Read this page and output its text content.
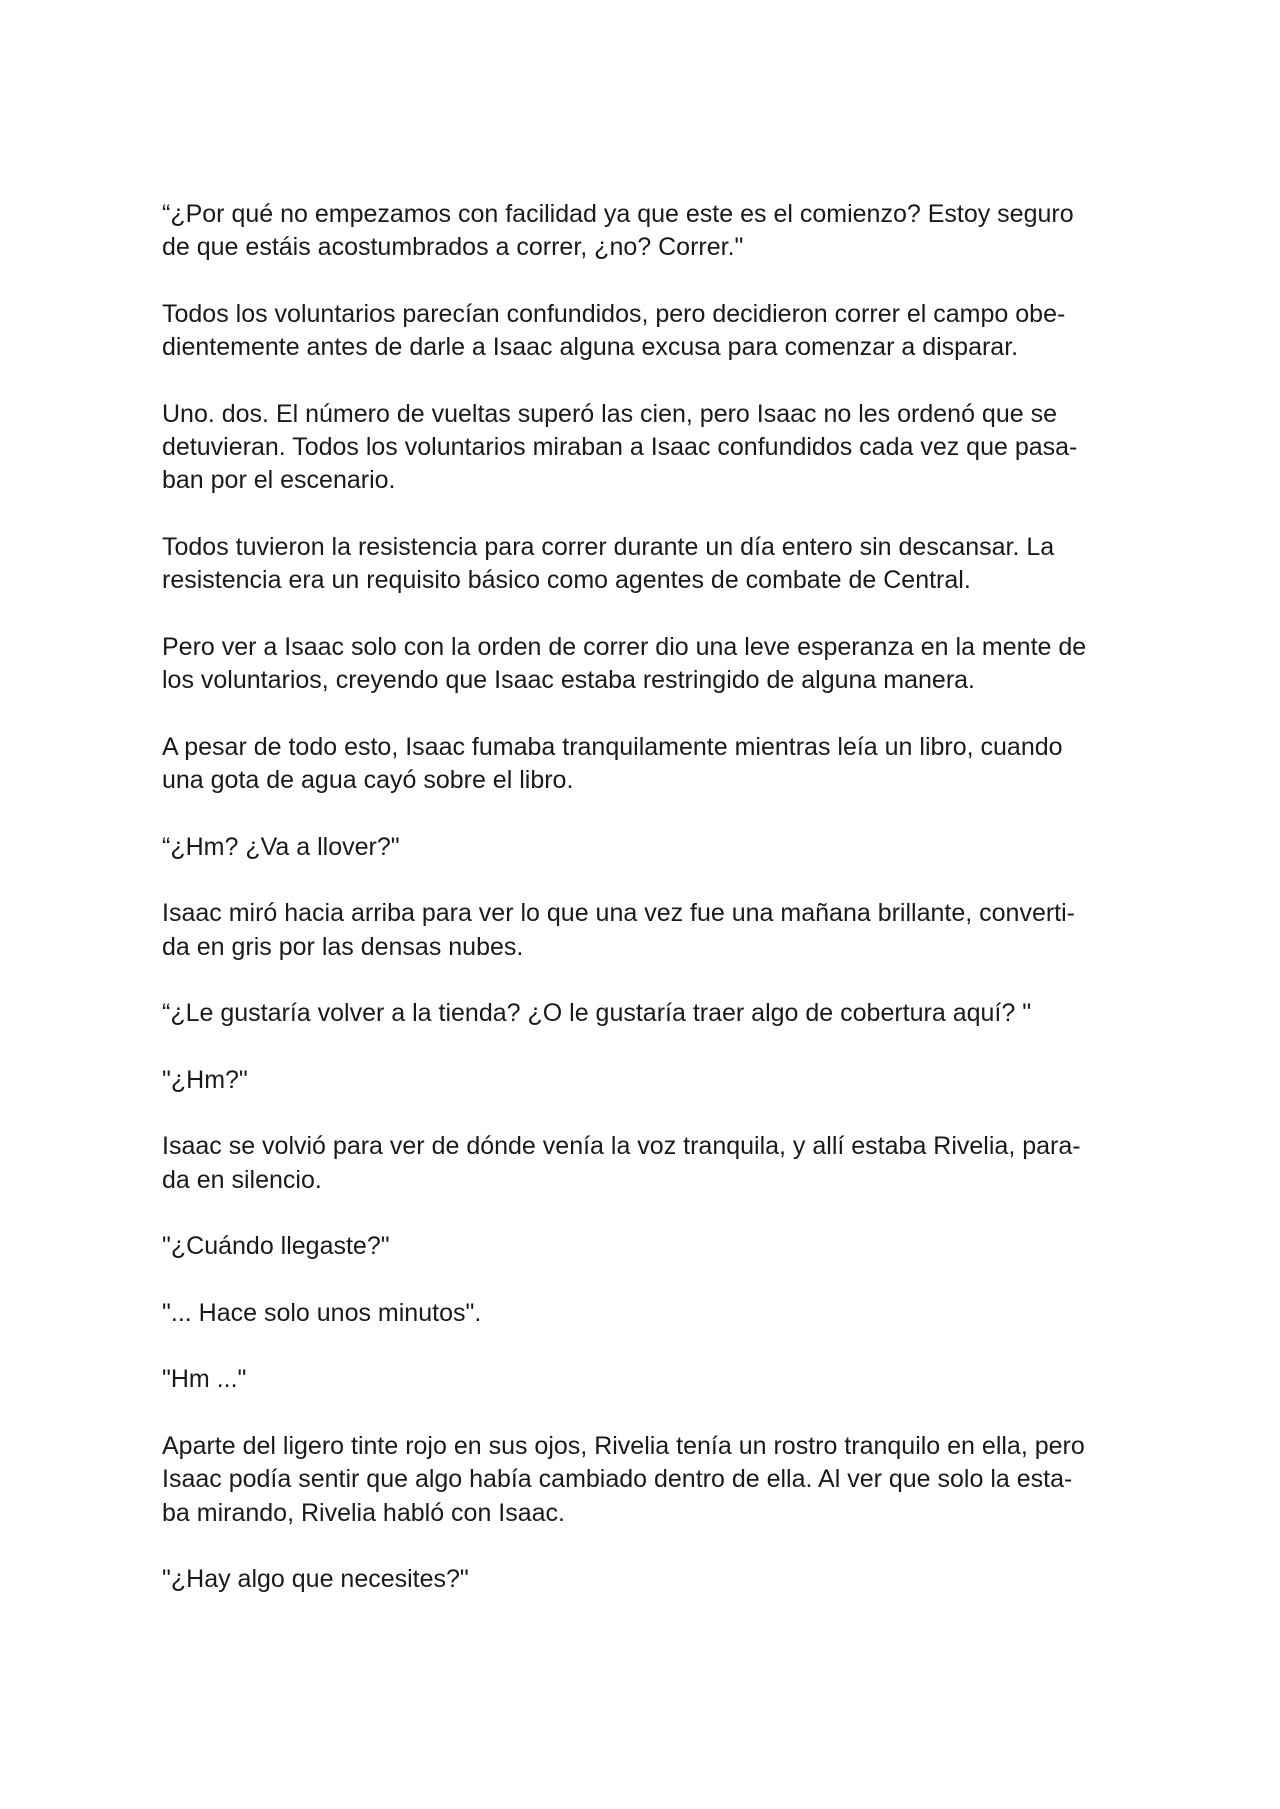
“¿Por qué no empezamos con facilidad ya que este es el comienzo? Estoy seguro
de que estáis acostumbrados a correr, ¿no? Correr."

Todos los voluntarios parecían confundidos, pero decidieron correr el campo obe-
dientemente antes de darle a Isaac alguna excusa para comenzar a disparar.

Uno. dos. El número de vueltas superó las cien, pero Isaac no les ordenó que se
detuvieran. Todos los voluntarios miraban a Isaac confundidos cada vez que pasa-
ban por el escenario.

Todos tuvieron la resistencia para correr durante un día entero sin descansar. La
resistencia era un requisito básico como agentes de combate de Central.

Pero ver a Isaac solo con la orden de correr dio una leve esperanza en la mente de
los voluntarios, creyendo que Isaac estaba restringido de alguna manera.

A pesar de todo esto, Isaac fumaba tranquilamente mientras leía un libro, cuando
una gota de agua cayó sobre el libro.

“¿Hm? ¿Va a llover?"

Isaac miró hacia arriba para ver lo que una vez fue una mañana brillante, converti-
da en gris por las densas nubes.

“¿Le gustaría volver a la tienda? ¿O le gustaría traer algo de cobertura aquí? "

"¿Hm?"

Isaac se volvió para ver de dónde venía la voz tranquila, y allí estaba Rivelia, para-
da en silencio.

"¿Cuándo llegaste?"

"... Hace solo unos minutos".

"Hm ..."

Aparte del ligero tinte rojo en sus ojos, Rivelia tenía un rostro tranquilo en ella, pero
Isaac podía sentir que algo había cambiado dentro de ella. Al ver que solo la esta-
ba mirando, Rivelia habló con Isaac.

"¿Hay algo que necesites?"
